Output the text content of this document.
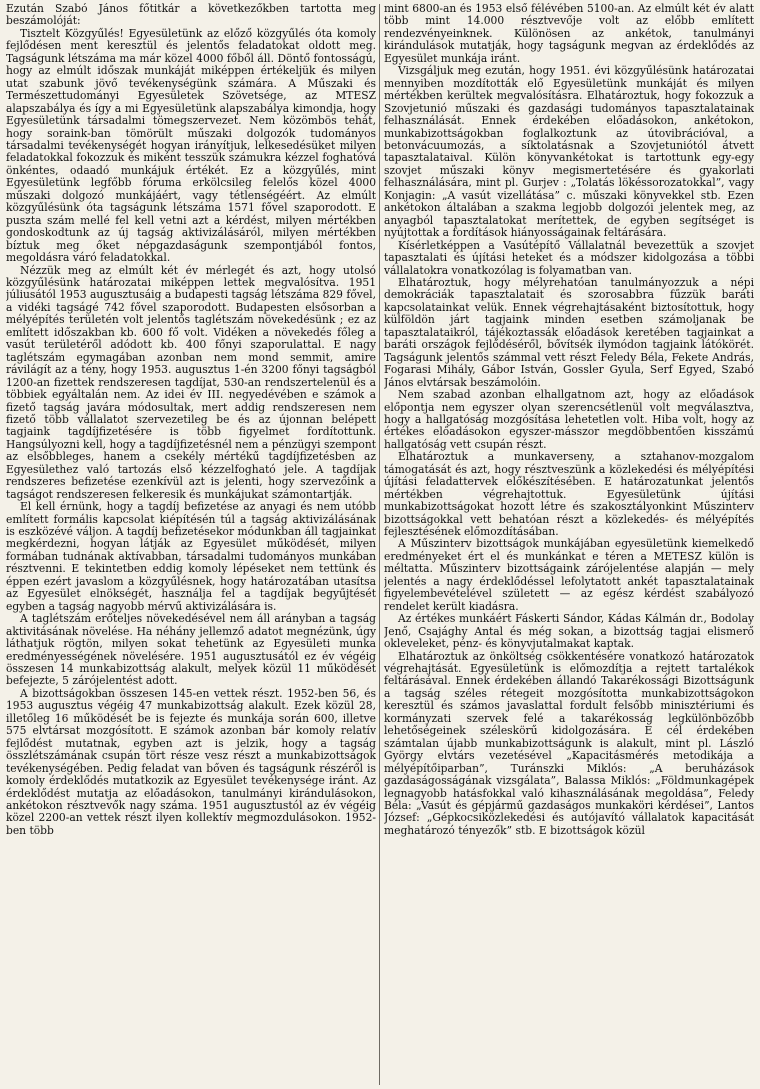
Ezután Szabó János főtitkár a következőkben tartotta meg beszámolóját:

Tisztelt Közgyűlés! Egyesületünk az előző közgyűlés óta komoly fejlődésen ment keresztül és jelentős feladatokat oldott meg. Tagságunk létszáma ma már közel 4000 főből áll. Döntő fontosságú, hogy az elmúlt időszak munkáját miképpen értékeljük és milyen utat szabunk jövő tevékenységünk számára. A Műszaki és Természettudományi Egyesületek Szövetsége, az MTESZ alapszabálya és így a mi Egyesületünk alapszabálya kimondja, hogy Egyesületünk társadalmi tömegszervezet. Nem közömbös tehát, hogy soraink-ban tömörült műszaki dolgozók tudományos társadalmi tevékenységét hogyan irányítjuk, lelkesedésüket milyen feladatokkal fokozzuk és miként tesszük számukra kézzel foghatóvá önkéntes, odaadó munkájuk értékét. Ez a közgyűlés, mint Egyesületünk legfőbb fóruma erkölcsileg felelős közel 4000 műszaki dolgozó munkájáért, vagy tétlenségéért. Az elmúlt közgyűlésünk óta tagságunk létszáma 1571 fővel szaporodott. E puszta szám mellé fel kell vetni azt a kérdést, milyen mértékben gondoskodtunk az új tagság aktivizálásáról, milyen mértékben bíztuk meg őket népgazdaságunk szempontjából fontos, megoldásra váró feladatokkal.

Nézzük meg az elmúlt két év mérlegét és azt, hogy utolsó közgyűlésünk határozatai miképpen lettek megvalósítva. 1951 júliusától 1953 augusztusáig a budapesti tagság létszáma 829 fővel, a vidéki tagságé 742 fővel szaporodott. Budapesten elsősorban a mélyépítés területén volt jelentős taglétszám növekedésünk ; ez az említett időszakban kb. 600 fő volt. Vidéken a növekedés főleg a vasút területéről adódott kb. 400 főnyi szaporulattal. E nagy taglétszám egymagában azonban nem mond semmit, amire rávilágít az a tény, hogy 1953. augusztus 1-én 3200 főnyi tagságból 1200-an fizettek rendszeresen tagdíjat, 530-an rendszertelenül és a többiek egyáltalán nem. Az idei év III. negyedévében e számok a fizető tagság javára módosultak, mert addig rendszeresen nem fizető több vállalatot szervezetileg be és az újonnan belépett tagjaink tagdíjfizetésére is több figyelmet fordítottunk. Hangsúlyozni kell, hogy a tagdíjfizetésnél nem a pénzügyi szempont az elsőbbleges, hanem a csekély mértékű tagdíjfizetésben az Egyesülethez való tartozás első kézzelfogható jele. A tagdíjak rendszeres befizetése ezenkívül azt is jelenti, hogy szervezőink a tagságot rendszeresen felkeresik és munkájukat számontartják.

El kell érnünk, hogy a tagdíj befizetése az anyagi és nem utóbb említett formális kapcsolat kiépítésén túl a tagság aktivizálásának is eszközévé váljon. A tagdíj befizetésekor módunkban áll tagjainkat megkérdezni, hogyan látják az Egyesület működését, milyen formában tudnának aktívabban, társadalmi tudományos munkában résztvenni. E tekintetben eddig komoly lépéseket nem tettünk és éppen ezért javaslom a közgyűlésnek, hogy határozatában utasítsa az Egyesület elnökségét, használja fel a tagdíjak begyűjtését egyben a tagság nagyobb mérvű aktivizálására is.

A taglétszám erőteljes növekedésével nem áll arányban a tagság aktivitásának növelése. Ha néhány jellemző adatot megnézünk, úgy láthatjuk rögtön, milyen sokat tehetünk az Egyesületi munka eredményességének növelésére. 1951 augusztusától ez év végéig összesen 14 munkabizottság alakult, melyek közül 11 működését befejezte, 5 zárójelentést adott.

A bizottságokban összesen 145-en vettek részt. 1952-ben 56, és 1953 augusztus végéig 47 munkabizottság alakult. Ezek közül 28, illetőleg 16 működését be is fejezte és munkája során 600, illetve 575 elvtársat mozgósított. E számok azonban bár komoly relatív fejlődést mutatnak, egyben azt is jelzik, hogy a tagság összlétszámának csupán tört része vesz részt a munkabizottságok tevékenységében. Pedig feladat van bőven és tagságunk részéről is komoly érdeklődés mutatkozik az Egyesület tevékenysége iránt. Az érdeklődést mutatja az előadásokon, tanulmányi kirándulásokon, ankétokon résztvevők nagy száma. 1951 augusztustól az év végéig közel 2200-an vettek részt ilyen kollektív megmozdulásokon. 1952-ben több

mint 6800-an és 1953 első félévében 5100-an. Az elmúlt két év alatt több mint 14.000 résztvevője volt az előbb említett rendezvényeinknek. Különösen az ankétok, tanulmányi kirándulások mutatják, hogy tagságunk megvan az érdeklődés az Egyesület munkája iránt.

Vizsgáljuk meg ezután, hogy 1951. évi közgyűlésünk határozatai mennyiben mozdították elő Egyesületünk munkáját és milyen mértékben kerültek megvalósításra. Elhatároztuk, hogy fokozzuk a Szovjetunió műszaki és gazdasági tudományos tapasztalatainak felhasználását. Ennek érdekében előadásokon, ankétokon, munkabizottságokban foglalkoztunk az útovibrációval, a betonvácuumozás, a síktolatásnak a Szovjetuniótól átvett tapasztalataival. Külön könyvankétokat is tartottunk egy-egy szovjet műszaki könyv megismertetésére és gyakorlati felhasználására, mint pl. Gurjev : „Tolatás lökéssorozatokkal”, vagy Konjagin: „A vasút vizellátása” c. műszaki könyvekkel stb. Ezen ankétokon általában a szakma legjobb dolgozói jelentek meg, az anyagból tapasztalatokat merítettek, de egyben segítséget is nyújtottak a fordítások hiányosságainak feltárására.

Kísérletképpen a Vasútépítő Vállalatnál bevezettük a szovjet tapasztalati és újítási heteket és a módszer kidolgozása a többi vállalatokra vonatkozólag is folyamatban van.

Elhatároztuk, hogy mélyrehatóan tanulmányozzuk a népi demokráciák tapasztalatait és szorosabbra fűzzük baráti kapcsolatainkat velük. Ennek végrehajtásaként biztosítottuk, hogy külföldön járt tagjaink minden esetben számoljanak be tapasztalataikról, tájékoztassák előadások keretében tagjainkat a baráti országok fejlődéséről, bővítsék ilymódon tagjaink látókörét. Tagságunk jelentős számmal vett részt Feledy Béla, Fekete András, Fogarasi Mihály, Gábor István, Gossler Gyula, Serf Egyed, Szabó János elvtársak beszámolóin.

Nem szabad azonban elhallgatnom azt, hogy az előadások előpontja nem egyszer olyan szerencsétlenül volt megválasztva, hogy a hallgatóság mozgósítása lehetetlen volt. Hiba volt, hogy az értékes előadásokon egyszer-másszor megdöbbentően kisszámú hallgatóság vett csupán részt.

Elhatároztuk a munkaverseny, a sztahanov-mozgalom támogatását és azt, hogy résztveszünk a közlekedési és mélyépítési újítási feladattervek előkészítésében. E határozatunkat jelentős mértékben végrehajtottuk. Egyesületünk újítási munkabizottságokat hozott létre és szakosztályonkint Műszinterv bizottságokkal vett behatóan részt a közlekedés- és mélyépítés fejlesztésének előmozdításában.

A Műszinterv bizottságok munkájában egyesületünk kiemelkedő eredményeket ért el és munkánkat e téren a METESZ külön is méltatta. Műszinterv bizottságaink zárójelentése alapján — mely jelentés a nagy érdeklődéssel lefolytatott ankét tapasztalatainak figyelembevételével született — az egész kérdést szabályozó rendelet került kiadásra.

Az értékes munkáért Fáskerti Sándor, Kádas Kálmán dr., Bodolay Jenő, Csajághy Antal és még sokan, a bizottság tagjai elismerő okleveleket, pénz- és könyvjutalmakat kaptak.

Elhatároztuk az önköltség csökkentésére vonatkozó határozatok végrehajtását. Egyesületünk is előmozdítja a rejtett tartalékok feltárásával. Ennek érdekében állandó Takarékossági Bizottságunk a tagság széles rétegeit mozgósította munkabizottságokon keresztül és számos javaslattal fordult felsőbb minisztériumi és kormányzati szervek felé a takarékosság legkülönbözőbb lehetőségeinek széleskörű kidolgozására. E cél érdekében számtalan újabb munkabizottságunk is alakult, mint pl. László György elvtárs vezetésével „Kapacitásmérés metodikája a mélyépítőiparban”, Turánszki Miklós: „A beruházások gazdaságosságának vizsgálata”, Balassa Miklós: „Földmunkagépek legnagyobb hatásfokkal való kihasználásának megoldása”, Feledy Béla: „Vasút és gépjármű gazdaságos munkaköri kérdései”, Lantos József: „Gépkocsiközlekedési és autójavító vállalatok kapacitását meghatározó tényezők” stb. E bizottságok közül
